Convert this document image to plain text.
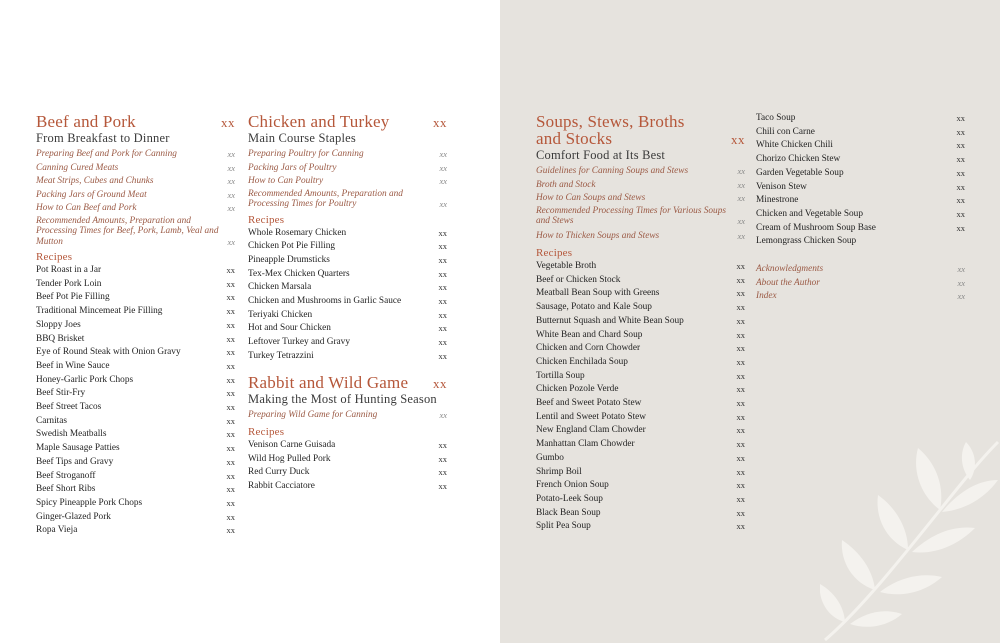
Beef and Pork	xx
From Breakfast to Dinner
Preparing Beef and Pork for Canning	xx
Canning Cured Meats	xx
Meat Strips, Cubes and Chunks	xx
Packing Jars of Ground Meat	xx
How to Can Beef and Pork	xx
Recommended Amounts, Preparation and Processing Times for Beef, Pork, Lamb, Veal and Mutton	xx
Recipes
Pot Roast in a Jar	xx
Tender Pork Loin	xx
Beef Pot Pie Filling	xx
Traditional Mincemeat Pie Filling	xx
Sloppy Joes	xx
BBQ Brisket	xx
Eye of Round Steak with Onion Gravy	xx
Beef in Wine Sauce	xx
Honey-Garlic Pork Chops	xx
Beef Stir-Fry	xx
Beef Street Tacos	xx
Carnitas	xx
Swedish Meatballs	xx
Maple Sausage Patties	xx
Beef Tips and Gravy	xx
Beef Stroganoff	xx
Beef Short Ribs	xx
Spicy Pineapple Pork Chops	xx
Ginger-Glazed Pork	xx
Ropa Vieja	xx
Chicken and Turkey	xx
Main Course Staples
Preparing Poultry for Canning	xx
Packing Jars of Poultry	xx
How to Can Poultry	xx
Recommended Amounts, Preparation and Processing Times for Poultry	xx
Recipes
Whole Rosemary Chicken	xx
Chicken Pot Pie Filling	xx
Pineapple Drumsticks	xx
Tex-Mex Chicken Quarters	xx
Chicken Marsala	xx
Chicken and Mushrooms in Garlic Sauce	xx
Teriyaki Chicken	xx
Hot and Sour Chicken	xx
Leftover Turkey and Gravy	xx
Turkey Tetrazzini	xx
Rabbit and Wild Game xx
Making the Most of Hunting Season
Preparing Wild Game for Canning	xx
Recipes
Venison Carne Guisada	xx
Wild Hog Pulled Pork	xx
Red Curry Duck	xx
Rabbit Cacciatore	xx
Soups, Stews, Broths
and Stocks	xx
Comfort Food at Its Best
Guidelines for Canning Soups and Stews	xx
Broth and Stock	xx
How to Can Soups and Stews	xx
Recommended Processing Times for Various Soups and Stews	xx
How to Thicken Soups and Stews	xx
Recipes
Vegetable Broth	xx
Beef or Chicken Stock	xx
Meatball Bean Soup with Greens	xx
Sausage, Potato and Kale Soup	xx
Butternut Squash and White Bean Soup	xx
White Bean and Chard Soup	xx
Chicken and Corn Chowder	xx
Chicken Enchilada Soup	xx
Tortilla Soup	xx
Chicken Pozole Verde	xx
Beef and Sweet Potato Stew	xx
Lentil and Sweet Potato Stew	xx
New England Clam Chowder	xx
Manhattan Clam Chowder	xx
Gumbo	xx
Shrimp Boil	xx
French Onion Soup	xx
Potato-Leek Soup	xx
Black Bean Soup	xx
Split Pea Soup	xx
Taco Soup	xx
Chili con Carne	xx
White Chicken Chili	xx
Chorizo Chicken Stew	xx
Garden Vegetable Soup	xx
Venison Stew	xx
Minestrone	xx
Chicken and Vegetable Soup	xx
Cream of Mushroom Soup Base	xx
Lemongrass Chicken Soup
Acknowledgments	xx
About the Author	xx
Index	xx
